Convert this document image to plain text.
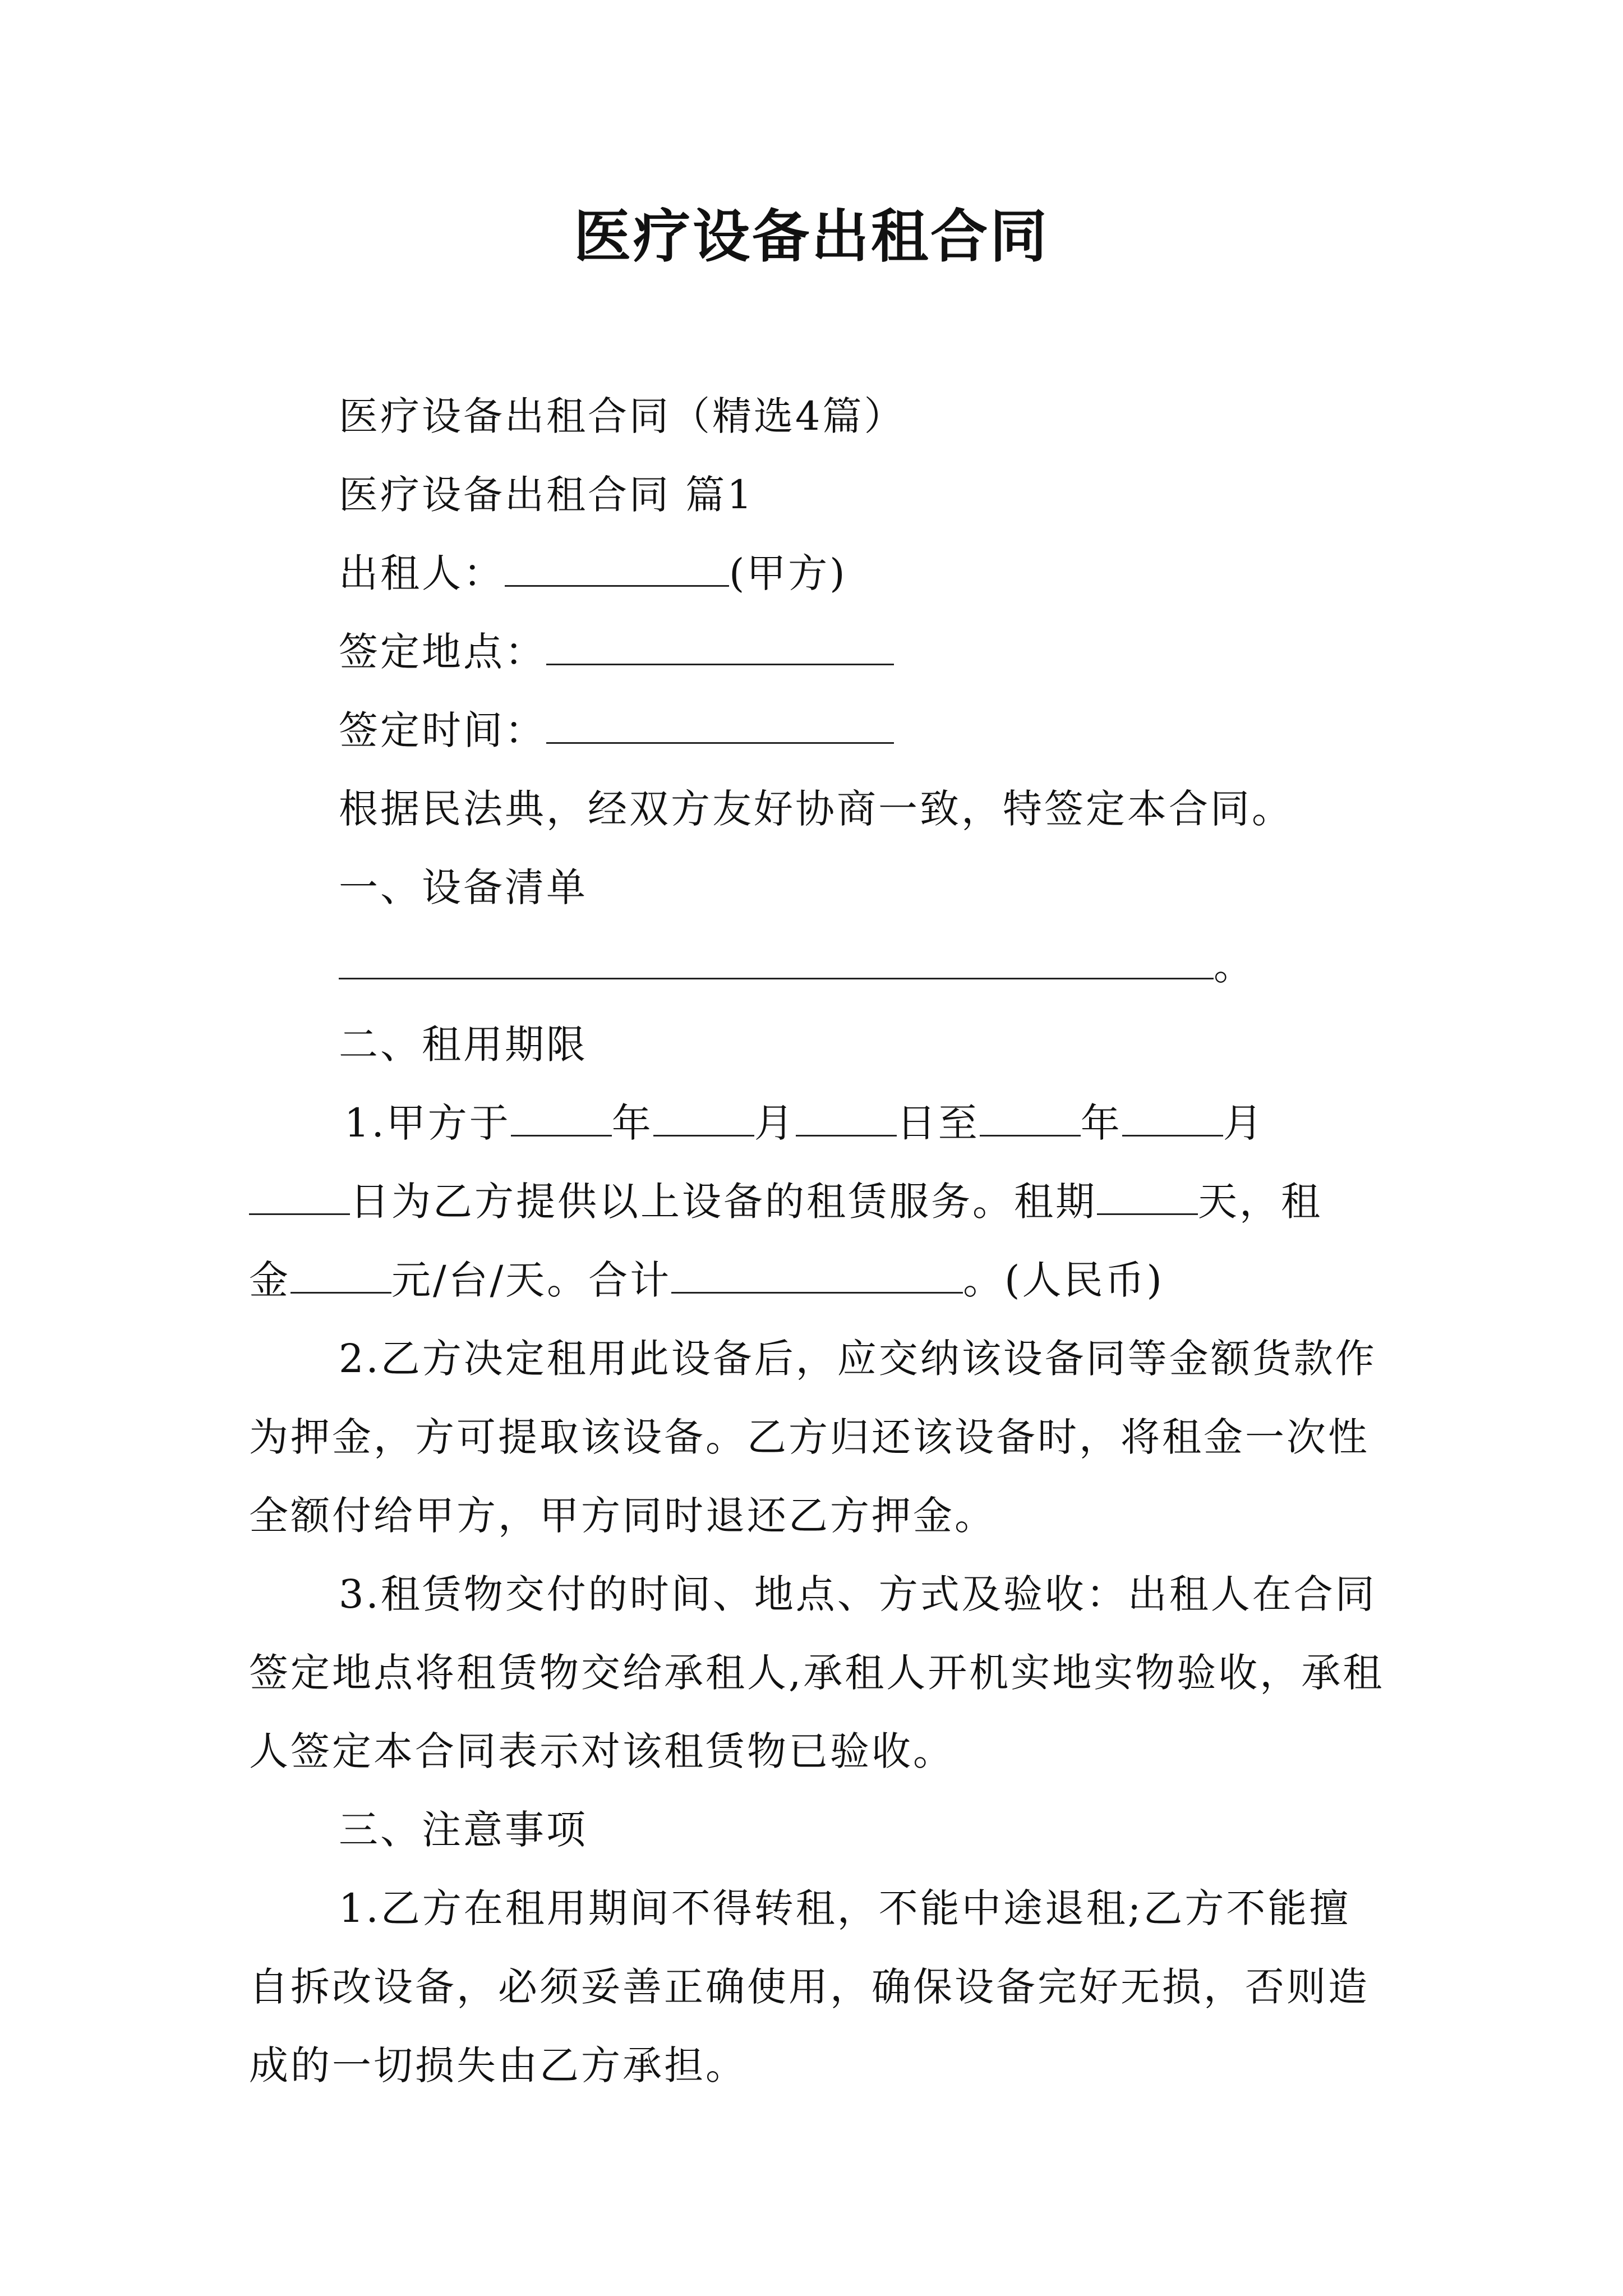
医疗设备出租合同

医疗设备出租合同（精选4篇）

医疗设备出租合同 篇1

出租人：	(甲方)

签定地点：

签定时间：

根据民法典，经双方友好协商一致，特签定本合同。

一、设备清单

。

二、租用期限

1.甲方于	年	月	日至	年	月
日为乙方提供以上设备的租赁服务。租期	天，租
金	元/台/天。合计	。(人民币)

2.乙方决定租用此设备后，应交纳该设备同等金额货款作为押金，方可提取该设备。乙方归还该设备时，将租金一次性全额付给甲方，甲方同时退还乙方押金。

3.租赁物交付的时间、地点、方式及验收：出租人在合同签定地点将租赁物交给承租人,承租人开机实地实物验收，承租人签定本合同表示对该租赁物已验收。

三、注意事项

1.乙方在租用期间不得转租，不能中途退租;乙方不能擅自拆改设备，必须妥善正确使用，确保设备完好无损，否则造成的一切损失由乙方承担。
